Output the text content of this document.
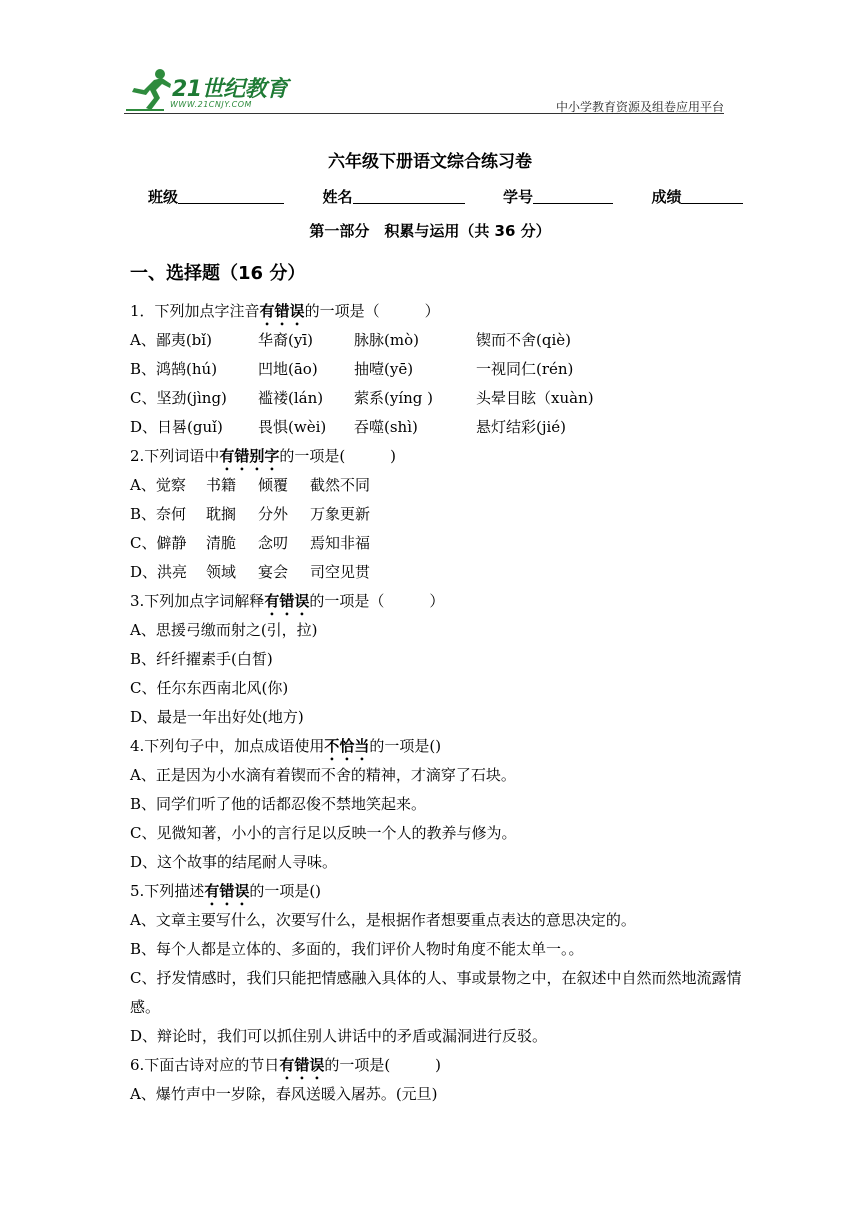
21世纪教育
WWW.21CNJY.COM	中小学教育资源及组卷应用平台
六年级下册语文综合练习卷
班级	姓名	学号	成绩
第一部分　积累与运用（共 36 分）
一、选择题（16 分）
1．下列加点字注音有错误的一项是（　　　）
A、鄙夷(bǐ)	华裔(yī)	脉脉(mò)	锲而不舍(qiè)
B、鸿鹄(hú)	凹地(āo) 抽噎(yē)	一视同仁(rén)
C、坚劲(jìng) 褴褛(lán) 萦系(yíng )	头晕目眩（xuàn)
D、日晷(guǐ) 畏惧(wèi) 吞噬(shì)	悬灯结彩(jié)
2.下列词语中有错别字的一项是(　　　)
A、觉察 书籍 倾覆 截然不同
B、奈何 耽搁 分外 万象更新
C、僻静 清脆 念叨 焉知非福
D、洪亮 领域 宴会 司空见贯
3.下列加点字词解释有错误的一项是（　　　）
A、思援弓缴而射之(引，拉)
B、纤纤擢素手(白皙)
C、任尔东西南北风(你)
D、最是一年出好处(地方)
4.下列句子中，加点成语使用不恰当的一项是()
A、正是因为小水滴有着锲而不舍的精神，才滴穿了石块。
B、同学们听了他的话都忍俊不禁地笑起来。
C、见微知著，小小的言行足以反映一个人的教养与修为。
D、这个故事的结尾耐人寻味。
5.下列描述有错误的一项是()
A、文章主要写什么，次要写什么，是根据作者想要重点表达的意思决定的。
B、每个人都是立体的、多面的，我们评价人物时角度不能太单一。。
C、抒发情感时，我们只能把情感融入具体的人、事或景物之中，在叙述中自然而然地流露情感。
D、辩论时，我们可以抓住别人讲话中的矛盾或漏洞进行反驳。
6.下面古诗对应的节日有错误的一项是(　　　)
A、爆竹声中一岁除，春风送暖入屠苏。(元旦)
